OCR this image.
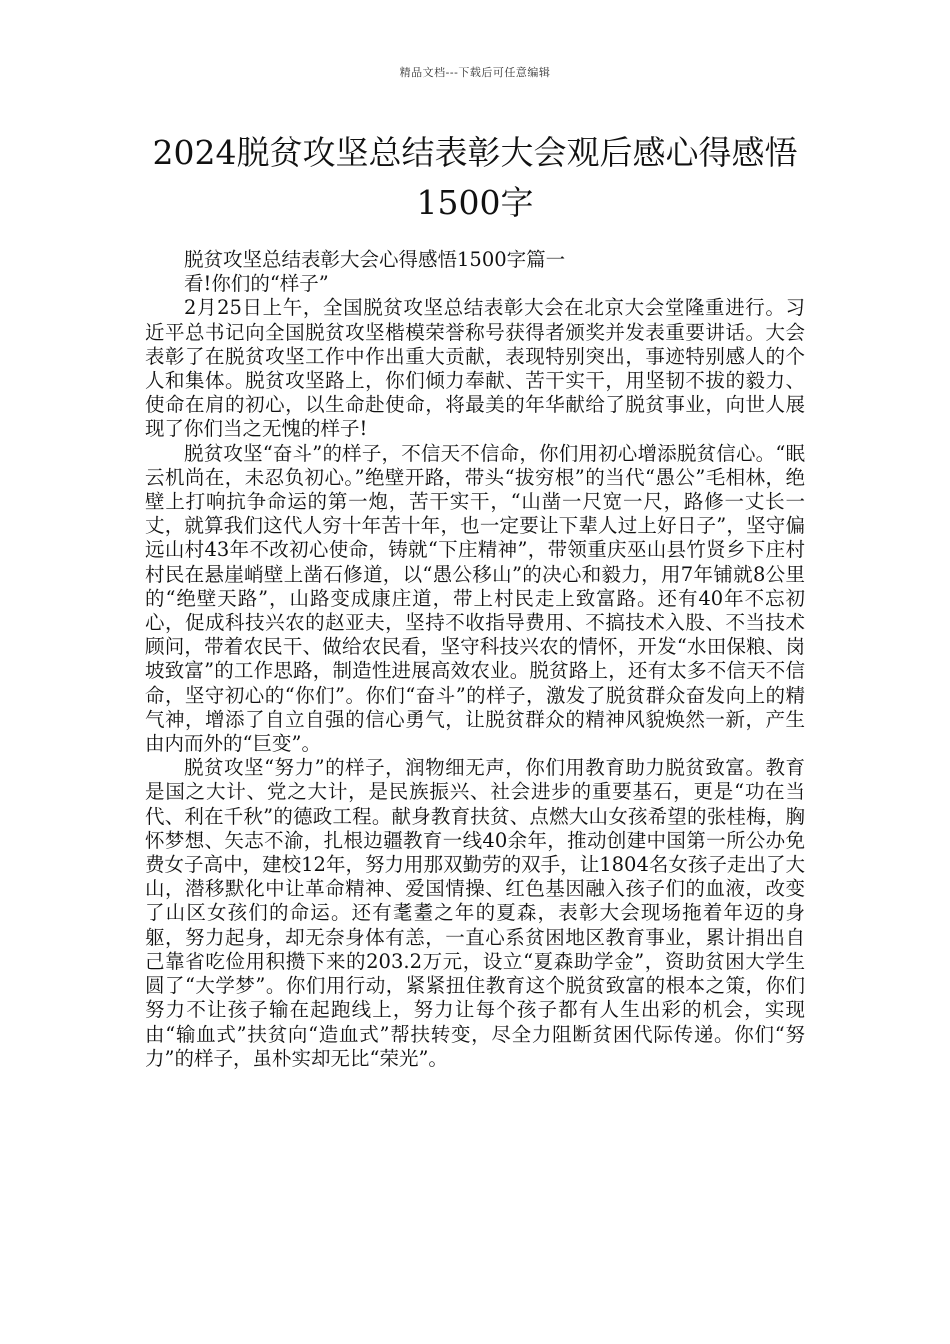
精品文档---下载后可任意编辑
2024脱贫攻坚总结表彰大会观后感心得感悟1500字

脱贫攻坚总结表彰大会心得感悟1500字篇一

看!你们的“样子”

2月25日上午，全国脱贫攻坚总结表彰大会在北京大会堂隆重进行。习近平总书记向全国脱贫攻坚楷模荣誉称号获得者颁奖并发表重要讲话。大会表彰了在脱贫攻坚工作中作出重大贡献，表现特别突出，事迹特别感人的个人和集体。脱贫攻坚路上，你们倾力奉献、苦干实干，用坚韧不拔的毅力、使命在肩的初心，以生命赴使命，将最美的年华献给了脱贫事业，向世人展现了你们当之无愧的样子!

脱贫攻坚“奋斗”的样子，不信天不信命，你们用初心增添脱贫信心。“眠云机尚在，未忍负初心。”绝壁开路，带头“拔穷根”的当代“愚公”毛相林，绝壁上打响抗争命运的第一炮，苦干实干，“山凿一尺宽一尺，路修一丈长一丈，就算我们这代人穷十年苦十年，也一定要让下辈人过上好日子”，坚守偏远山村43年不改初心使命，铸就“下庄精神”，带领重庆巫山县竹贤乡下庄村村民在悬崖峭壁上凿石修道，以“愚公移山”的决心和毅力，用7年铺就8公里的“绝壁天路”，山路变成康庄道，带上村民走上致富路。还有40年不忘初心，促成科技兴农的赵亚夫，坚持不收指导费用、不搞技术入股、不当技术顾问，带着农民干、做给农民看，坚守科技兴农的情怀，开发“水田保粮、岗坡致富”的工作思路，制造性进展高效农业。脱贫路上，还有太多不信天不信命，坚守初心的“你们”。你们“奋斗”的样子，激发了脱贫群众奋发向上的精气神，增添了自立自强的信心勇气，让脱贫群众的精神风貌焕然一新，产生由内而外的“巨变”。

脱贫攻坚“努力”的样子，润物细无声，你们用教育助力脱贫致富。教育是国之大计、党之大计，是民族振兴、社会进步的重要基石，更是“功在当代、利在千秋”的德政工程。献身教育扶贫、点燃大山女孩希望的张桂梅，胸怀梦想、矢志不渝，扎根边疆教育一线40余年，推动创建中国第一所公办免费女子高中，建校12年，努力用那双勤劳的双手，让1804名女孩子走出了大山，潜移默化中让革命精神、爱国情操、红色基因融入孩子们的血液，改变了山区女孩们的命运。还有耄耋之年的夏森，表彰大会现场拖着年迈的身躯，努力起身，却无奈身体有恙，一直心系贫困地区教育事业，累计捐出自己靠省吃俭用积攒下来的203.2万元，设立“夏森助学金”，资助贫困大学生圆了“大学梦”。你们用行动，紧紧扭住教育这个脱贫致富的根本之策，你们努力不让孩子输在起跑线上，努力让每个孩子都有人生出彩的机会，实现由“输血式”扶贫向“造血式”帮扶转变，尽全力阻断贫困代际传递。你们“努力”的样子，虽朴实却无比“荣光”。
